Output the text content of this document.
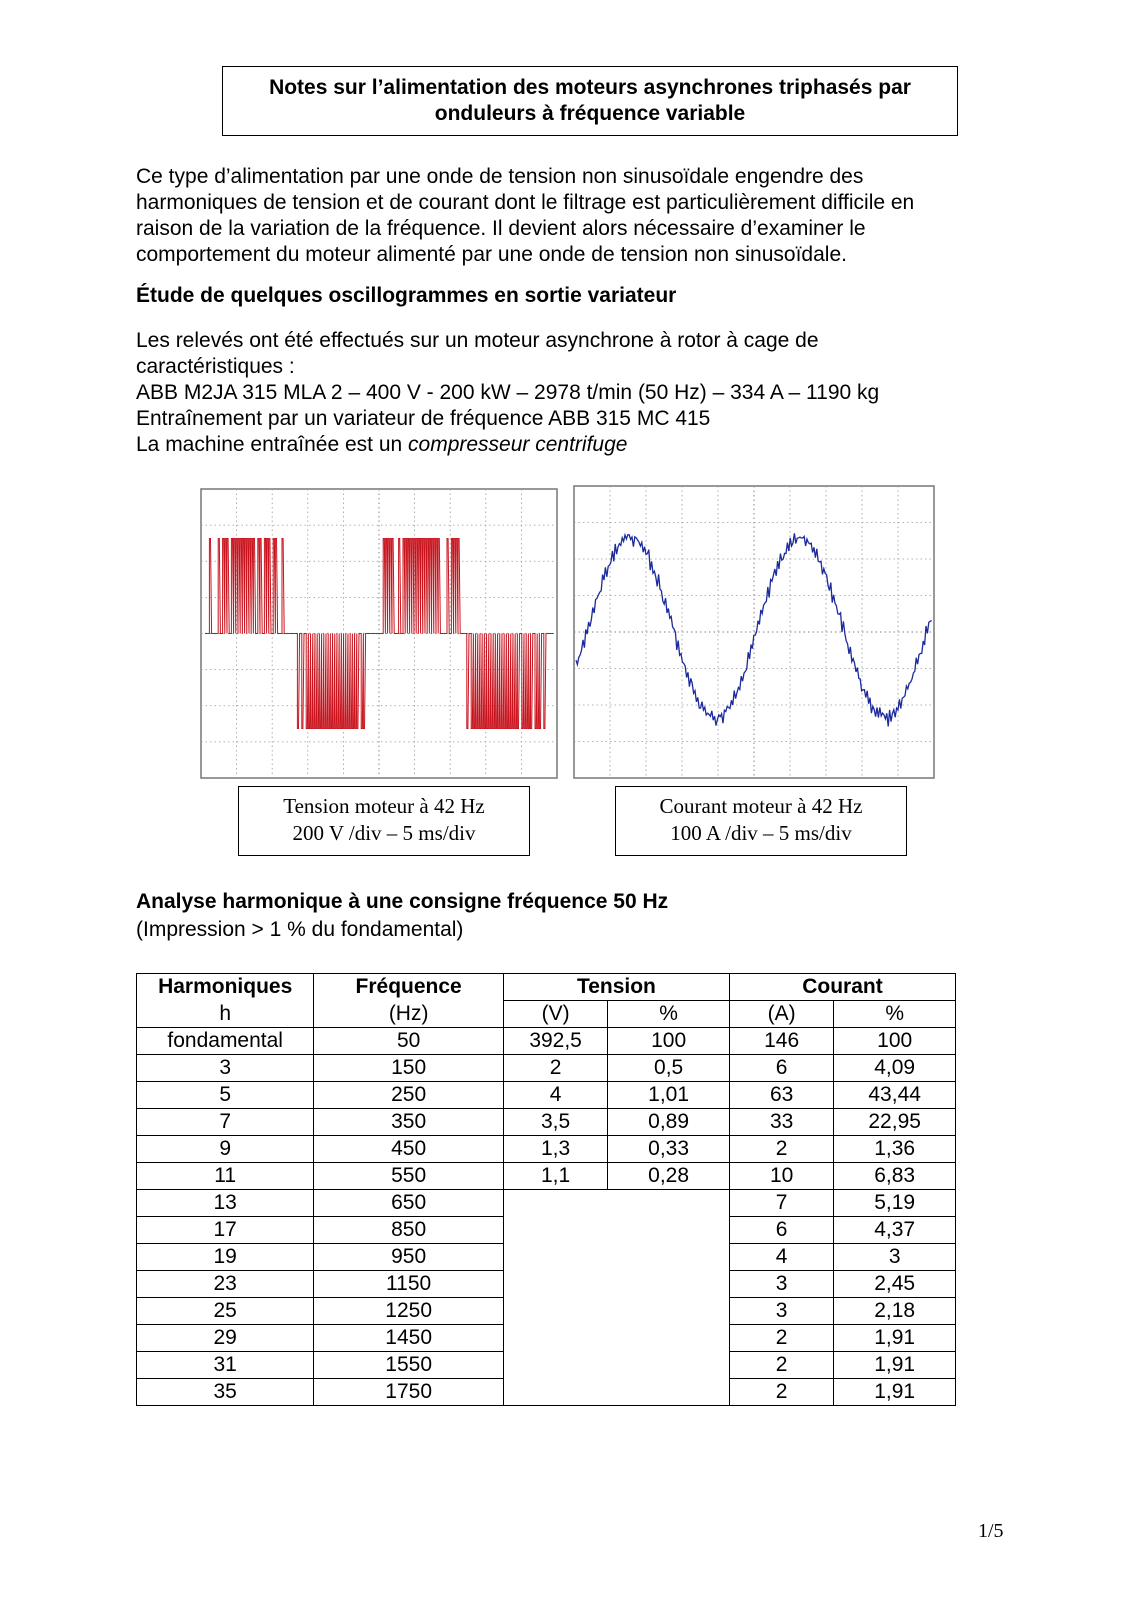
Notes sur l’alimentation des moteurs asynchrones triphasés par
onduleurs à fréquence variable
Ce type d’alimentation par une onde de tension non sinusoïdale engendre des
harmoniques de tension et de courant dont le filtrage est particulièrement difficile en
raison de la variation de la fréquence. Il devient alors nécessaire d’examiner le
comportement du moteur alimenté par une onde de tension non sinusoïdale.
Étude de quelques oscillogrammes en sortie variateur
Les relevés ont été effectués sur un moteur asynchrone à rotor à cage de
caractéristiques :
ABB M2JA 315 MLA 2 – 400 V - 200 kW – 2978 t/min (50 Hz) – 334 A – 1190 kg
Entraînement par un variateur de fréquence ABB 315 MC 415
La machine entraînée est un compresseur centrifuge
Tension moteur à 42 Hz
200 V /div – 5 ms/div
Courant moteur à 42 Hz
100 A /div – 5 ms/div
Analyse harmonique à une consigne fréquence 50 Hz
(Impression > 1 % du fondamental)
Harmoniques	Fréquence	Tension		Courant	
h	(Hz)	(V)	%	(A)	%
fondamental	50	392,5	100	146	100
3	150	2	0,5	6	4,09
5	250	4	1,01	63	43,44
7	350	3,5	0,89	33	22,95
9	450	1,3	0,33	2	1,36
11	550	1,1	0,28	10	6,83
13	650			7	5,19
17	850			6	4,37
19	950			4	3
23	1150			3	2,45
25	1250			3	2,18
29	1450			2	1,91
31	1550			2	1,91
35	1750			2	1,91
1/5
